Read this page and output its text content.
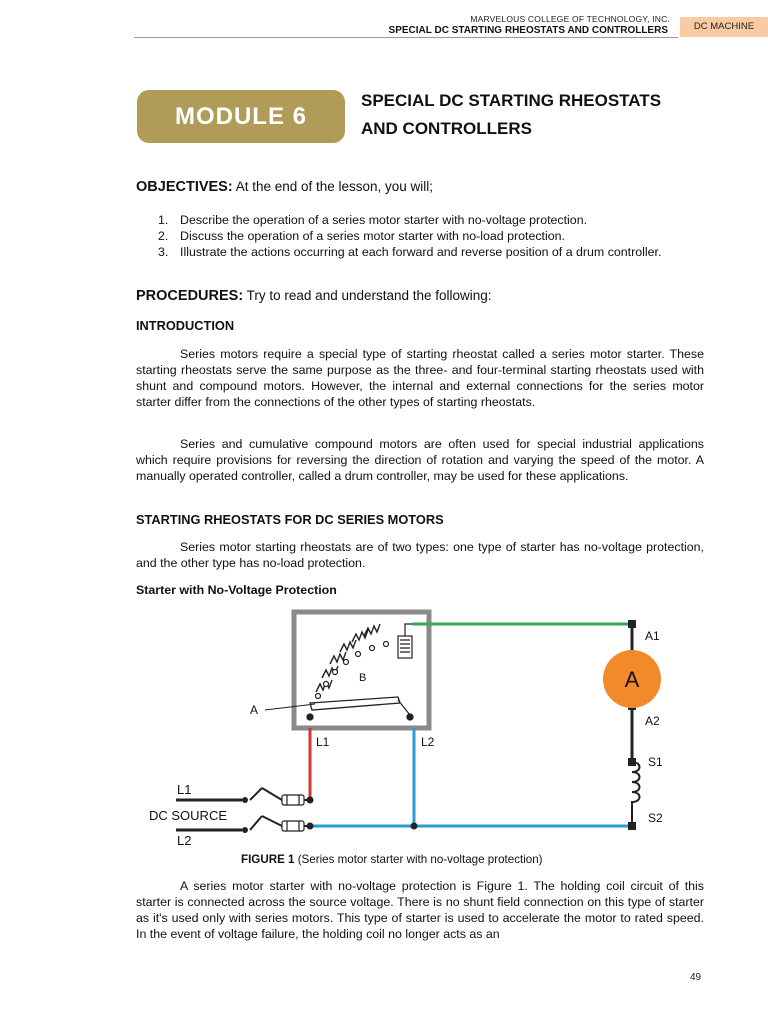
MARVELOUS COLLEGE OF TECHNOLOGY, INC.
SPECIAL DC STARTING RHEOSTATS AND CONTROLLERS	DC MACHINE
MODULE 6
SPECIAL DC STARTING RHEOSTATS
AND CONTROLLERS
OBJECTIVES: At the end of the lesson, you will;
1. Describe the operation of a series motor starter with no-voltage protection.
2. Discuss the operation of a series motor starter with no-load protection.
3. Illustrate the actions occurring at each forward and reverse position of a drum controller.
PROCEDURES: Try to read and understand the following:
INTRODUCTION
Series motors require a special type of starting rheostat called a series motor starter. These starting rheostats serve the same purpose as the three- and four-terminal starting rheostats used with shunt and compound motors. However, the internal and external connections for the series motor starter differ from the connections of the other types of starting rheostats.
Series and cumulative compound motors are often used for special industrial applications which require provisions for reversing the direction of rotation and varying the speed of the motor. A manually operated controller, called a drum controller, may be used for these applications.
STARTING RHEOSTATS FOR DC SERIES MOTORS
Series motor starting rheostats are of two types: one type of starter has no-voltage protection, and the other type has no-load protection.
Starter with No-Voltage Protection
A
B	A
A1
A2
S1
S2
L1	L2
L1
DC SOURCE
L2
FIGURE 1 (Series motor starter with no-voltage protection)
A series motor starter with no-voltage protection is Figure 1. The holding coil circuit of this starter is connected across the source voltage. There is no shunt field connection on this type of starter as it's used only with series motors. This type of starter is used to accelerate the motor to rated speed. In the event of voltage failure, the holding coil no longer acts as an
49
